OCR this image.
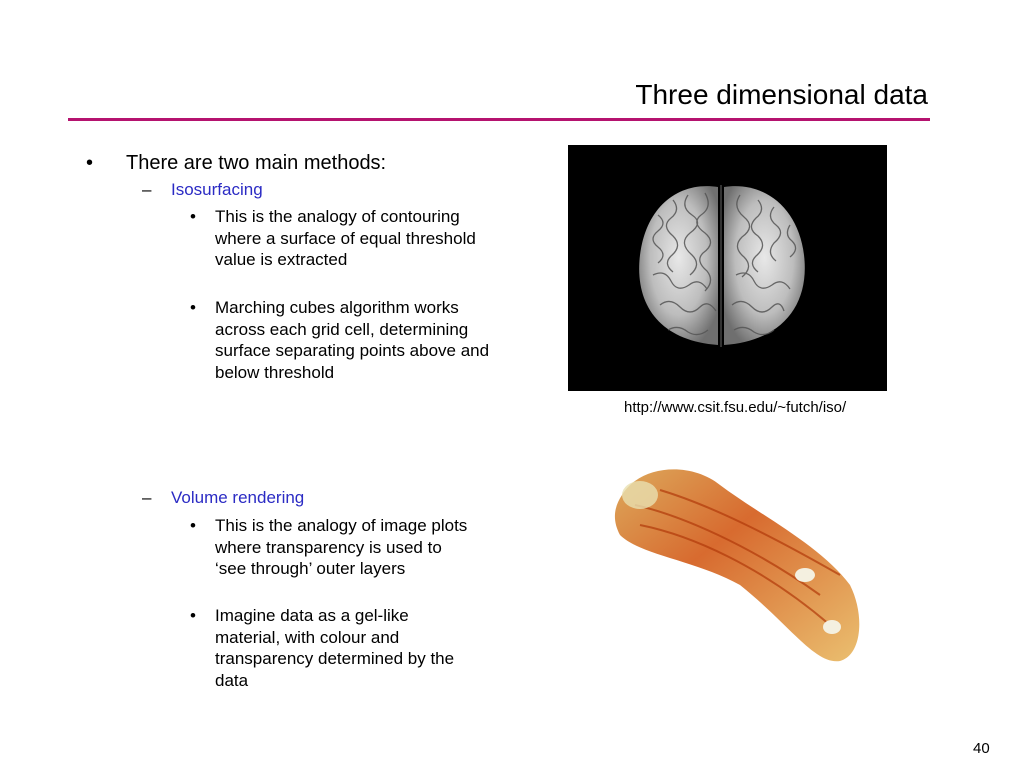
Three dimensional data
• There are two main methods:
– Isosurfacing
• This is the analogy of contouring where a surface of equal threshold value is extracted
• Marching cubes algorithm works across each grid cell, determining surface separating points above and below threshold
– Volume rendering
• This is the analogy of image plots where transparency is used to ‘see through’ outer layers
• Imagine data as a gel-like material, with colour and transparency determined by the data
http://www.csit.fsu.edu/~futch/iso/
40
